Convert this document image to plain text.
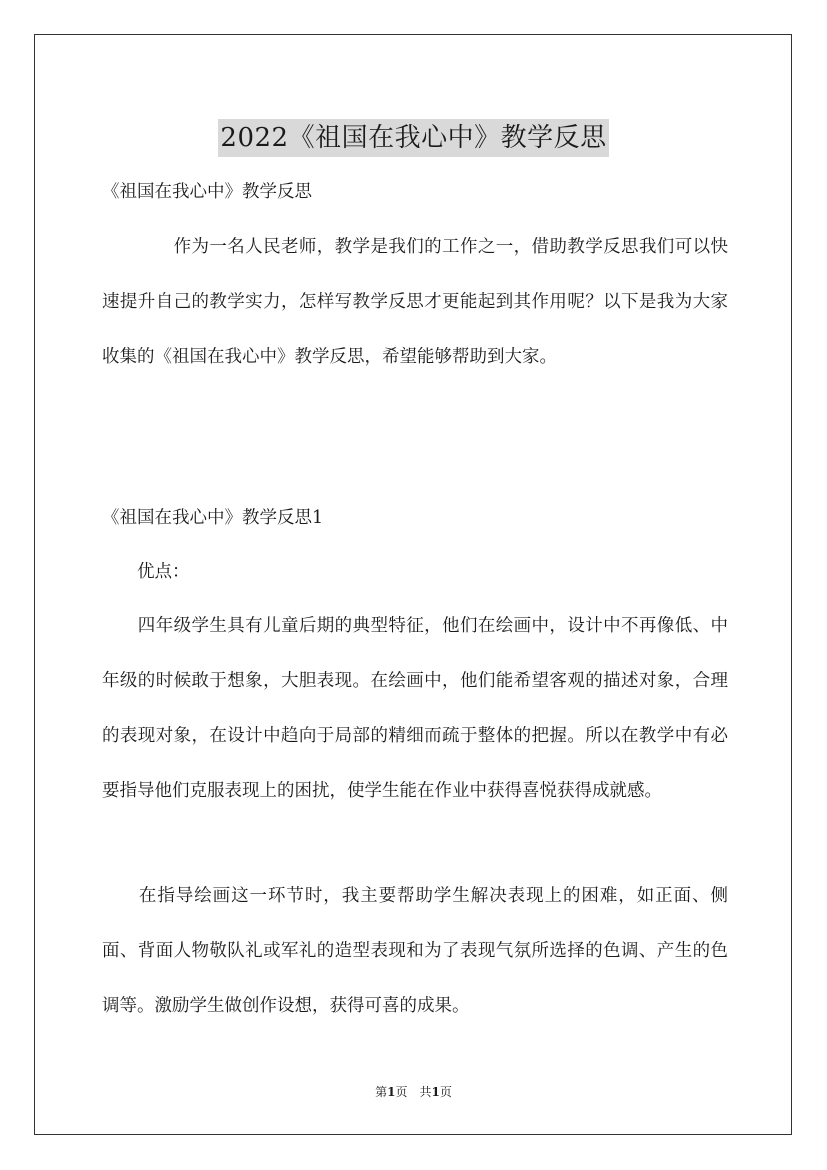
2022《祖国在我心中》教学反思

《祖国在我心中》教学反思

　　　　作为一名人民老师，教学是我们的工作之一，借助教学反思我们可以快速提升自己的教学实力，怎样写教学反思才更能起到其作用呢？以下是我为大家收集的《祖国在我心中》教学反思，希望能够帮助到大家。

《祖国在我心中》教学反思1

　　优点：

　　四年级学生具有儿童后期的典型特征，他们在绘画中，设计中不再像低、中年级的时候敢于想象，大胆表现。在绘画中，他们能希望客观的描述对象，合理的表现对象，在设计中趋向于局部的精细而疏于整体的把握。所以在教学中有必要指导他们克服表现上的困扰，使学生能在作业中获得喜悦获得成就感。

　　在指导绘画这一环节时，我主要帮助学生解决表现上的困难，如正面、侧面、背面人物敬队礼或军礼的造型表现和为了表现气氛所选择的色调、产生的色调等。激励学生做创作设想，获得可喜的成果。

第1页　共1页
